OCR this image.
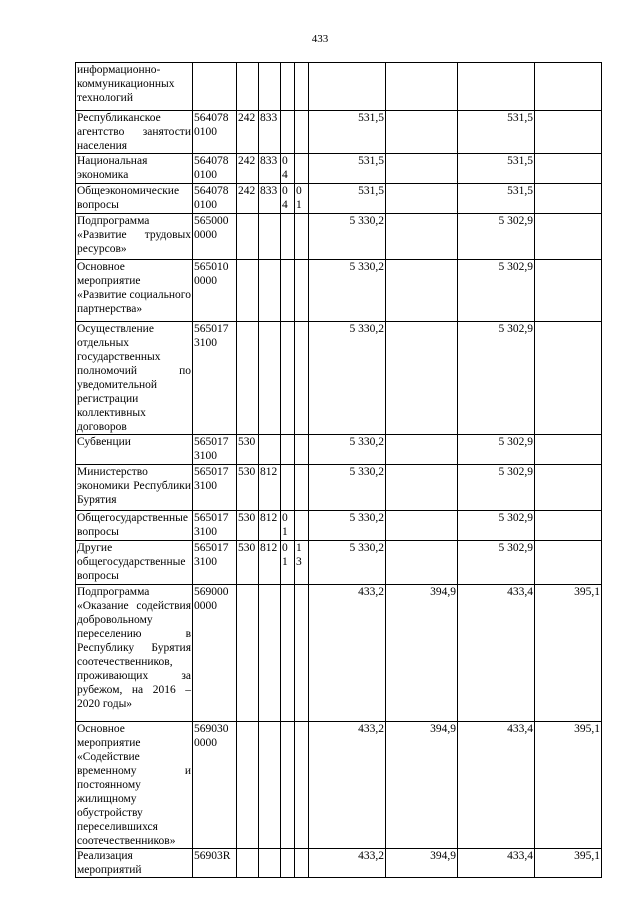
433
информационно-коммуникационных технологий									
Республиканское агентство занятости населения	564078 0100	242	833			531,5		531,5	
Национальная экономика	564078 0100	242	833	04		531,5		531,5	
Общеэкономические вопросы	564078 0100	242	833	04	01	531,5		531,5	
Подпрограмма «Развитие трудовых ресурсов»	565000 0000					5 330,2		5 302,9	
Основное мероприятие «Развитие социального партнерства»	565010 0000					5 330,2		5 302,9	
Осуществление отдельных государственных полномочий по уведомительной регистрации коллективных договоров	565017 3100					5 330,2		5 302,9	
Субвенции	565017 3100	530				5 330,2		5 302,9	
Министерство экономики Республики Бурятия	565017 3100	530	812			5 330,2		5 302,9	
Общегосударственные вопросы	565017 3100	530	812	01		5 330,2		5 302,9	
Другие общегосударственные вопросы	565017 3100	530	812	01	13	5 330,2		5 302,9	
Подпрограмма «Оказание содействия добровольному переселению в Республику Бурятия соотечественников, проживающих за рубежом, на 2016 – 2020 годы»	569000 0000					433,2	394,9	433,4	395,1
Основное мероприятие «Содействие временному и постоянному жилищному обустройству переселившихся соотечественников»	569030 0000					433,2	394,9	433,4	395,1
Реализация мероприятий	56903R					433,2	394,9	433,4	395,1
